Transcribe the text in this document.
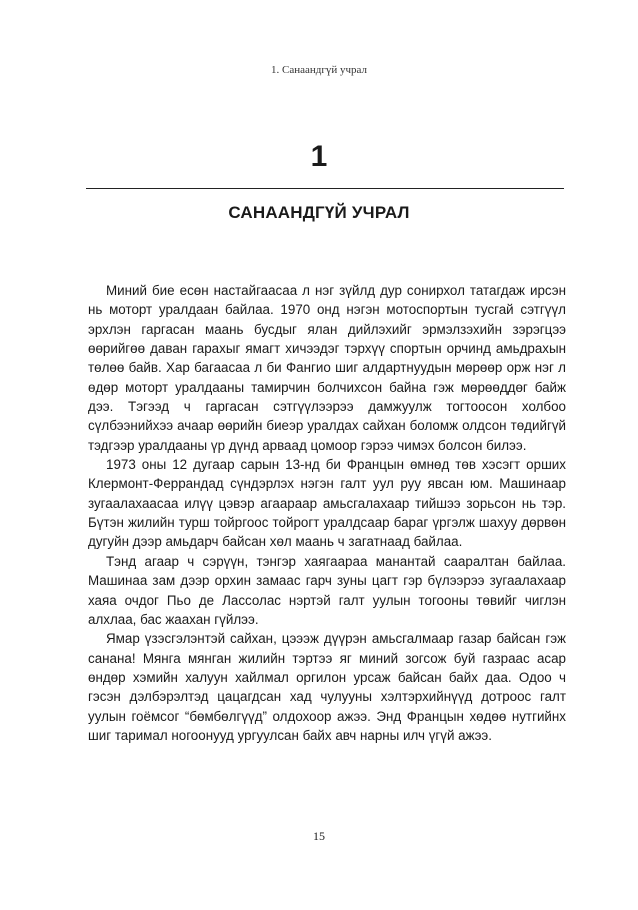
1. Санаандгүй учрал
1
САНААНДГҮЙ УЧРАЛ

Миний бие есөн настайгаасаа л нэг зүйлд дур сонирхол татагдаж ирсэн нь моторт уралдаан байлаа. 1970 онд нэгэн мотоспортын тусгай сэтгүүл эрхлэн гаргасан маань бусдыг ялан дийлэхийг эрмэлзэхийн зэрэгцээ өөрийгөө даван гарахыг ямагт хичээдэг тэрхүү спортын орчинд амьдрахын төлөө байв. Хар багаасаа л би Фангио шиг алдартнуудын мөрөөр орж нэг л өдөр моторт уралдааны тамирчин болчихсон байна гэж мөрөөддөг байж дээ. Тэгээд ч гаргасан сэтгүүлээрээ дамжуулж тогтоосон холбоо сүлбээнийхээ ачаар өөрийн биеэр уралдах сайхан боломж олдсон төдийгүй тэдгээр уралдааны үр дүнд арваад цомоор гэрээ чимэх болсон билээ.

1973 оны 12 дугаар сарын 13-нд би Францын өмнөд төв хэсэгт орших Клермонт-Феррандад сүндэрлэх нэгэн галт уул руу явсан юм. Машинаар зугаалахаасаа илүү цэвэр агаараар амьсгалахаар тийшээ зорьсон нь тэр. Бүтэн жилийн турш тойргоос тойрогт уралдсаар бараг үргэлж шахуу дөрвөн дугуйн дээр амьдарч байсан хөл маань ч загатнаад байлаа.

Тэнд агаар ч сэрүүн, тэнгэр хаягаараа манантай саарaлтан байлаа. Машинаа зам дээр орхин замаас гарч зуны цагт гэр бүлээрээ зугаалахаар хаяа очдог Пьо де Лассолас нэртэй галт уулын тогооны төвийг чиглэн алхлаа, бас жаахан гүйлээ.

Ямар үзэсгэлэнтэй сайхан, цэээж дүүрэн амьсгалмаар газар байсан гэж санана! Мянга мянган жилийн тэртээ яг миний зогсож буй газраас асар өндөр хэмийн халуун хайлмал оргилон урсаж байсан байх даа. Одоо ч гэсэн дэлбэрэлтэд цацагдсан хад чулууны хэлтэрхийнүүд дотроос галт уулын гоёмсог “бөмбөлгүүд” олдохоор ажээ. Энд Францын хөдөө нутгийнх шиг таримал ногоонууд ургуулсан байх авч нарны илч үгүй ажээ.

15
